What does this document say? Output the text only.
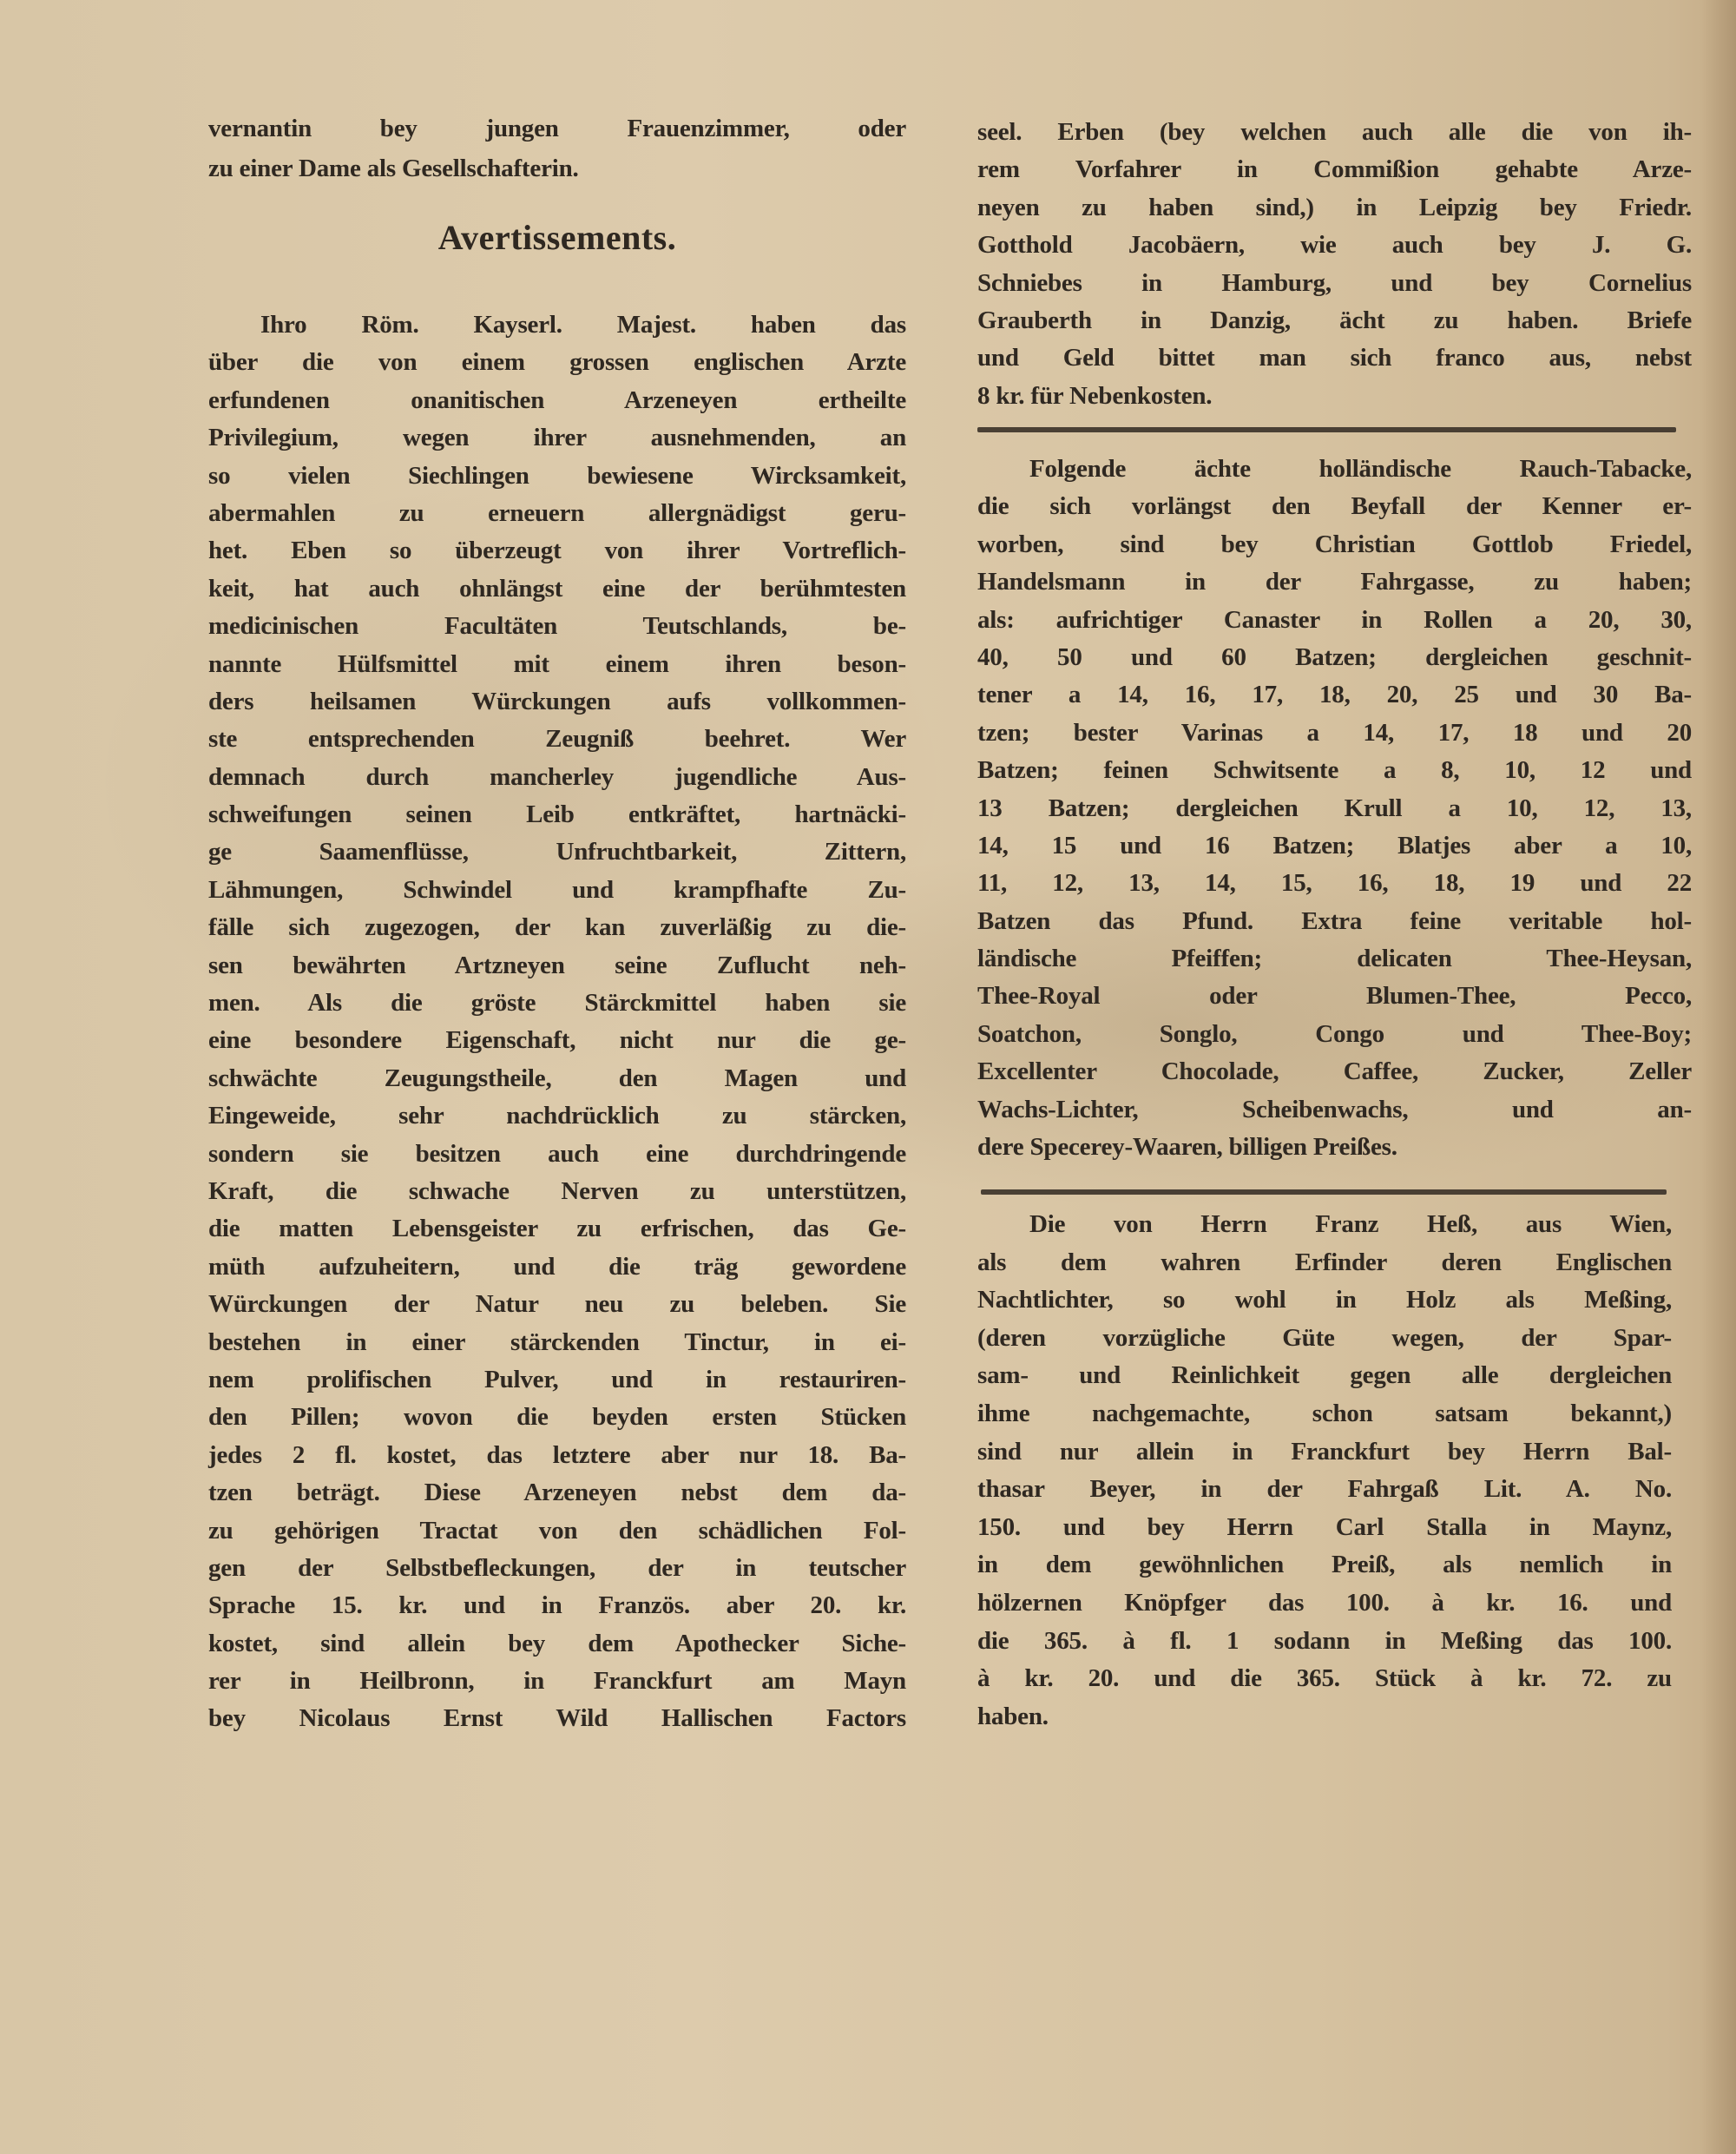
vernantin bey jungen Frauenzimmer, oder
zu einer Dame als Gesellschafterin.
Avertissements.
Ihro Röm. Kayserl. Majest. haben das
über die von einem grossen englischen Arzte
erfundenen onanitischen Arzeneyen ertheilte
Privilegium, wegen ihrer ausnehmenden, an
so vielen Siechlingen bewiesene Wircksamkeit,
abermahlen zu erneuern allergnädigst geru-
het. Eben so überzeugt von ihrer Vortreflich-
keit, hat auch ohnlängst eine der berühmtesten
medicinischen Facultäten Teutschlands, be-
nannte Hülfsmittel mit einem ihren beson-
ders heilsamen Würckungen aufs vollkommen-
ste entsprechenden Zeugniß beehret. Wer
demnach durch mancherley jugendliche Aus-
schweifungen seinen Leib entkräftet, hartnäcki-
ge Saamenflüsse, Unfruchtbarkeit, Zittern,
Lähmungen, Schwindel und krampfhafte Zu-
fälle sich zugezogen, der kan zuverläßig zu die-
sen bewährten Artzneyen seine Zuflucht neh-
men. Als die gröste Stärckmittel haben sie
eine besondere Eigenschaft, nicht nur die ge-
schwächte Zeugungstheile, den Magen und
Eingeweide, sehr nachdrücklich zu stärcken,
sondern sie besitzen auch eine durchdringende
Kraft, die schwache Nerven zu unterstützen,
die matten Lebensgeister zu erfrischen, das Ge-
müth aufzuheitern, und die träg gewordene
Würckungen der Natur neu zu beleben. Sie
bestehen in einer stärckenden Tinctur, in ei-
nem prolifischen Pulver, und in restauriren-
den Pillen; wovon die beyden ersten Stücken
jedes 2 fl. kostet, das letztere aber nur 18. Ba-
tzen beträgt. Diese Arzeneyen nebst dem da-
zu gehörigen Tractat von den schädlichen Fol-
gen der Selbstbefleckungen, der in teutscher
Sprache 15. kr. und in Französ. aber 20. kr.
kostet, sind allein bey dem Apothecker Siche-
rer in Heilbronn, in Franckfurt am Mayn
bey Nicolaus Ernst Wild Hallischen Factors
seel. Erben (bey welchen auch alle die von ih-
rem Vorfahrer in Commißion gehabte Arze-
neyen zu haben sind,) in Leipzig bey Friedr.
Gotthold Jacobäern, wie auch bey J. G.
Schniebes in Hamburg, und bey Cornelius
Grauberth in Danzig, ächt zu haben. Briefe
und Geld bittet man sich franco aus, nebst
8 kr. für Nebenkosten.
Folgende ächte holländische Rauch-Tabacke,
die sich vorlängst den Beyfall der Kenner er-
worben, sind bey Christian Gottlob Friedel,
Handelsmann in der Fahrgasse, zu haben;
als: aufrichtiger Canaster in Rollen a 20, 30,
40, 50 und 60 Batzen; dergleichen geschnit-
tener a 14, 16, 17, 18, 20, 25 und 30 Ba-
tzen; bester Varinas a 14, 17, 18 und 20
Batzen; feinen Schwitsente a 8, 10, 12 und
13 Batzen; dergleichen Krull a 10, 12, 13,
14, 15 und 16 Batzen; Blatjes aber a 10,
11, 12, 13, 14, 15, 16, 18, 19 und 22
Batzen das Pfund. Extra feine veritable hol-
ländische Pfeiffen; delicaten Thee-Heysan,
Thee-Royal oder Blumen-Thee, Pecco,
Soatchon, Songlo, Congo und Thee-Boy;
Excellenter Chocolade, Caffee, Zucker, Zeller
Wachs-Lichter, Scheibenwachs, und an-
dere Specerey-Waaren, billigen Preißes.
Die von Herrn Franz Heß, aus Wien,
als dem wahren Erfinder deren Englischen
Nachtlichter, so wohl in Holz als Meßing,
(deren vorzügliche Güte wegen, der Spar-
sam- und Reinlichkeit gegen alle dergleichen
ihme nachgemachte, schon satsam bekannt,)
sind nur allein in Franckfurt bey Herrn Bal-
thasar Beyer, in der Fahrgaß Lit. A. No.
150. und bey Herrn Carl Stalla in Maynz,
in dem gewöhnlichen Preiß, als nemlich in
hölzernen Knöpfger das 100. à kr. 16. und
die 365. à fl. 1 sodann in Meßing das 100.
à kr. 20. und die 365. Stück à kr. 72. zu
haben.
